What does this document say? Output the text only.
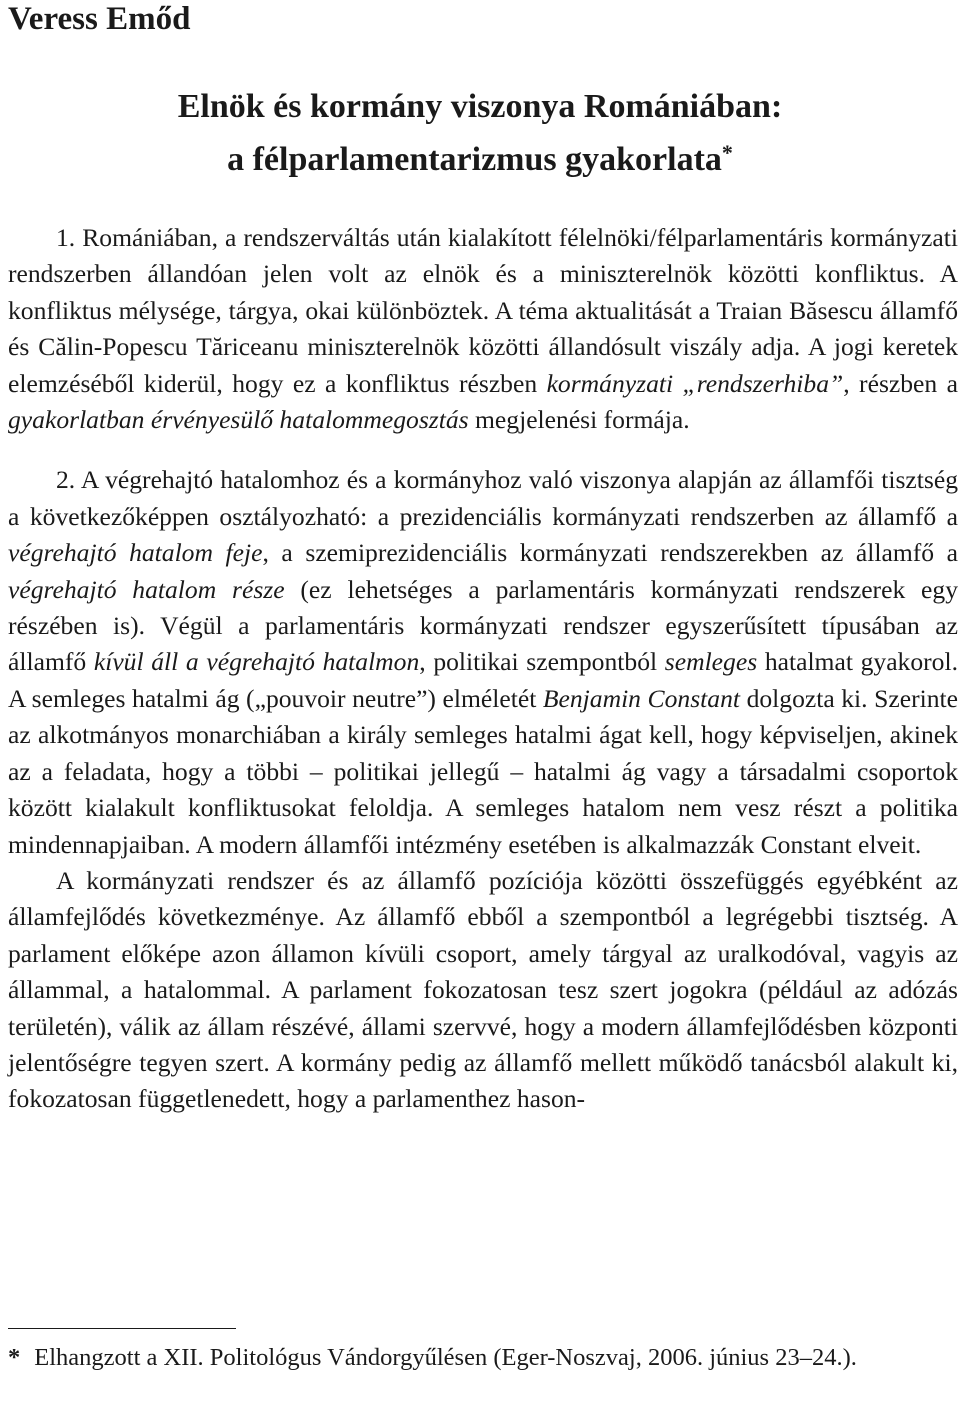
Veress Emőd
Elnök és kormány viszonya Romániában:
a félparlamentarizmus gyakorlata*

1. Romániában, a rendszerváltás után kialakított félelnöki/félparlamentáris kormányzati rendszerben állandóan jelen volt az elnök és a miniszterelnök közötti konfliktus. A konfliktus mélysége, tárgya, okai különböztek. A téma aktualitását a Traian Băsescu államfő és Călin-Popescu Tăriceanu miniszterelnök közötti állandósult viszály adja. A jogi keretek elemzéséből kiderül, hogy ez a konfliktus részben kormányzati „rendszerhiba”, részben a gyakorlatban érvényesülő hatalommegosztás megjelenési formája.

2. A végrehajtó hatalomhoz és a kormányhoz való viszonya alapján az államfői tisztség a következőképpen osztályozható: a prezidenciális kormányzati rendszerben az államfő a végrehajtó hatalom feje, a szemiprezidenciális kormányzati rendszerekben az államfő a végrehajtó hatalom része (ez lehetséges a parlamentáris kormányzati rendszerek egy részében is). Végül a parlamentáris kormányzati rendszer egyszerűsített típusában az államfő kívül áll a végrehajtó hatalmon, politikai szempontból semleges hatalmat gyakorol. A semleges hatalmi ág („pouvoir neutre”) elméletét Benjamin Constant dolgozta ki. Szerinte az alkotmányos monarchiában a király semleges hatalmi ágat kell, hogy képviseljen, akinek az a feladata, hogy a többi – politikai jellegű – hatalmi ág vagy a társadalmi csoportok között kialakult konfliktusokat feloldja. A semleges hatalom nem vesz részt a politika mindennapjaiban. A modern államfői intézmény esetében is alkalmazzák Constant elveit.

A kormányzati rendszer és az államfő pozíciója közötti összefüggés egyébként az államfejlődés következménye. Az államfő ebből a szempontból a legrégebbi tisztség. A parlament előképe azon államon kívüli csoport, amely tárgyal az uralkodóval, vagyis az állammal, a hatalommal. A parlament fokozatosan tesz szert jogokra (például az adózás területén), válik az állam részévé, állami szervvé, hogy a modern államfejlődésben központi jelentőségre tegyen szert. A kormány pedig az államfő mellett működő tanácsból alakult ki, fokozatosan függetlenedett, hogy a parlamenthez hason-

* Elhangzott a XII. Politológus Vándorgyűlésen (Eger-Noszvaj, 2006. június 23–24.).
